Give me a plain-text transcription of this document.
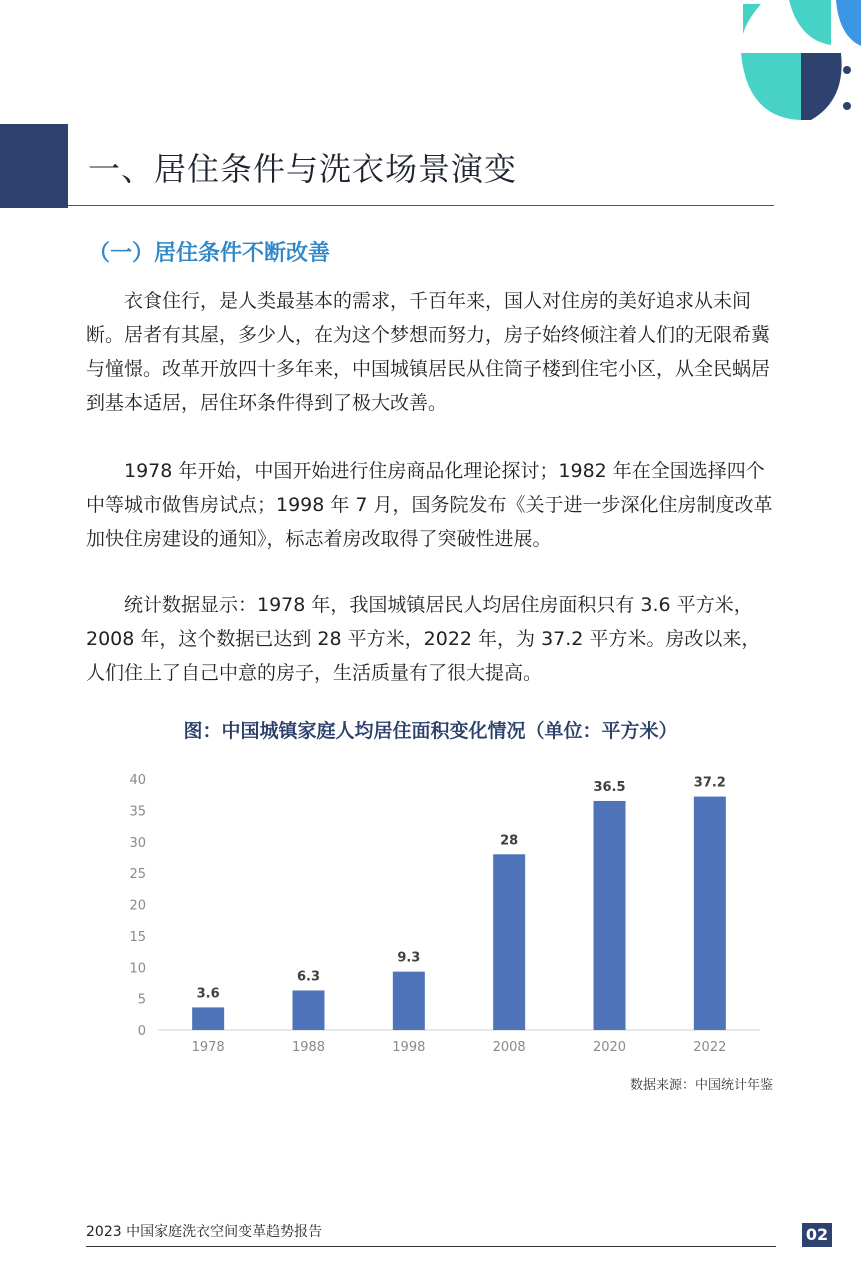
一、居住条件与洗衣场景演变
（一）居住条件不断改善

衣食住行，是人类最基本的需求，千百年来，国人对住房的美好追求从未间断。居者有其屋，多少人，在为这个梦想而努力，房子始终倾注着人们的无限希冀与憧憬。改革开放四十多年来，中国城镇居民从住筒子楼到住宅小区，从全民蜗居到基本适居，居住环条件得到了极大改善。

1978 年开始，中国开始进行住房商品化理论探讨；1982 年在全国选择四个中等城市做售房试点；1998 年 7 月，国务院发布《关于进一步深化住房制度改革加快住房建设的通知》，标志着房改取得了突破性进展。

统计数据显示：1978 年，我国城镇居民人均居住房面积只有 3.6 平方米，2008 年，这个数据已达到 28 平方米，2022 年，为 37.2 平方米。房改以来，人们住上了自己中意的房子，生活质量有了很大提高。

图：中国城镇家庭人均居住面积变化情况（单位：平方米）
0
5
10
15
20
25
30
35
40
3.6
1978
6.3
1988
9.3
1998
28
2008
36.5
2020
37.2
2022
数据来源：中国统计年鉴
2023 中国家庭洗衣空间变革趋势报告	02
